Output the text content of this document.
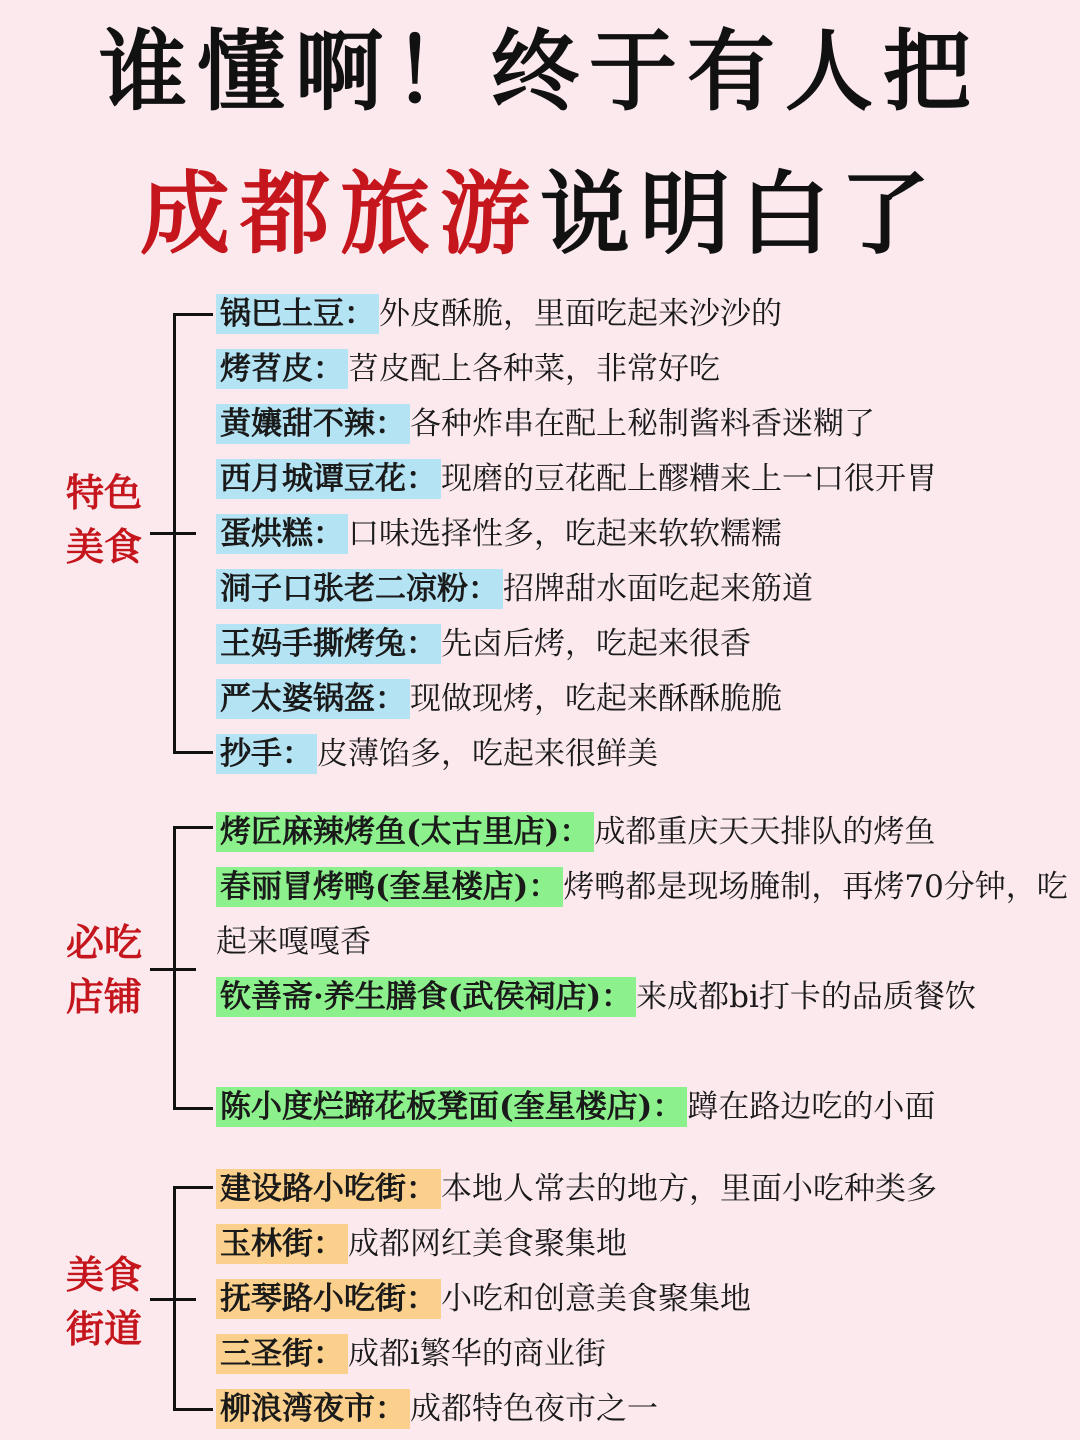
谁懂啊！终于有人把
成都旅游说明白了
特色
美食
锅巴土豆： 外皮酥脆，里面吃起来沙沙的
烤苕皮： 苕皮配上各种菜，非常好吃
黄孃甜不辣： 各种炸串在配上秘制酱料香迷糊了
西月城谭豆花： 现磨的豆花配上醪糟来上一口很开胃
蛋烘糕： 口味选择性多，吃起来软软糯糯
洞子口张老二凉粉： 招牌甜水面吃起来筋道
王妈手撕烤兔： 先卤后烤，吃起来很香
严太婆锅盔： 现做现烤，吃起来酥酥脆脆
抄手： 皮薄馅多，吃起来很鲜美
必吃
店铺
烤匠麻辣烤鱼(太古里店)： 成都重庆天天排队的烤鱼
春丽冒烤鸭(奎星楼店)： 烤鸭都是现场腌制，再烤70分钟，吃起来嘎嘎香
钦善斋·养生膳食(武侯祠店)： 来成都bi打卡的品质餐饮
陈小度烂蹄花板凳面(奎星楼店)： 蹲在路边吃的小面
美食
街道
建设路小吃街： 本地人常去的地方，里面小吃种类多
玉林街： 成都网红美食聚集地
抚琴路小吃街： 小吃和创意美食聚集地
三圣街： 成都i繁华的商业街
柳浪湾夜市： 成都特色夜市之一
